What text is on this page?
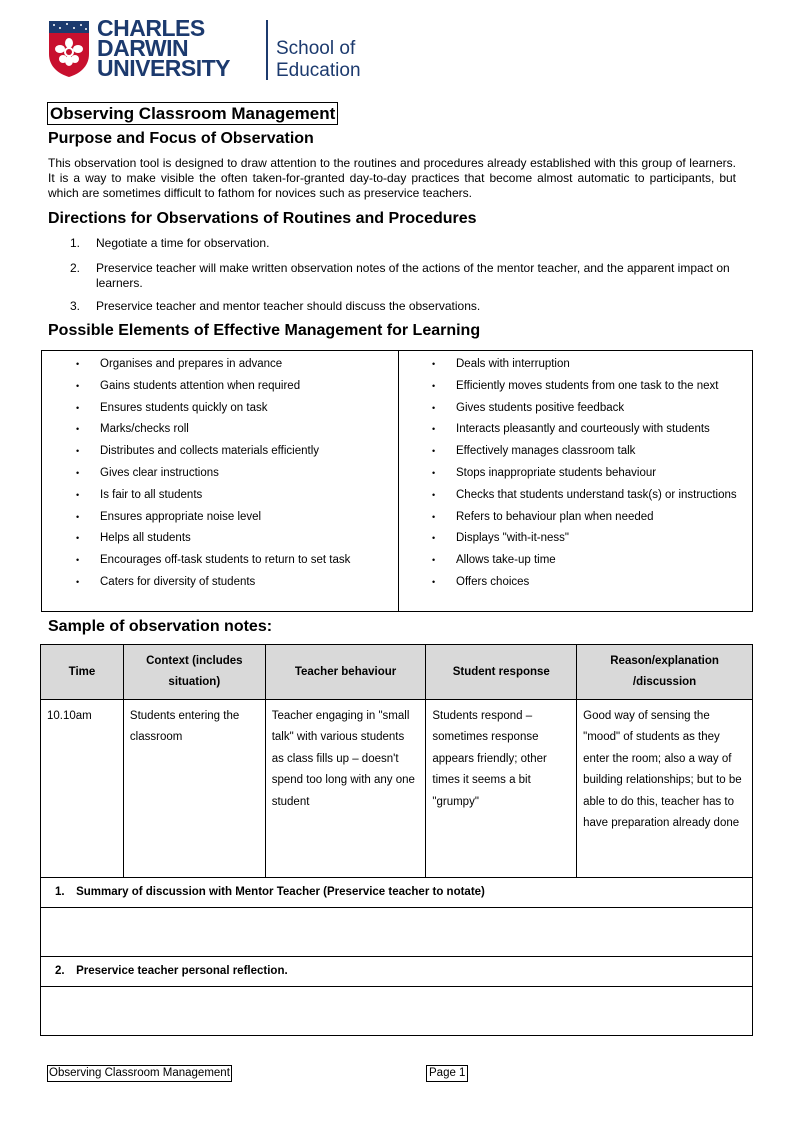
CHARLES
DARWIN
UNIVERSITY
School of
Education
Observing Classroom Management
Purpose and Focus of Observation
This observation tool is designed to draw attention to the routines and procedures already established with this group of learners. It is a way to make visible the often taken-for-granted day-to-day practices that become almost automatic to participants, but which are sometimes difficult to fathom for novices such as preservice teachers.
Directions for Observations of Routines and Procedures
1. Negotiate a time for observation.
2. Preservice teacher will make written observation notes of the actions of the mentor teacher, and the apparent impact on learners.
3. Preservice teacher and mentor teacher should discuss the observations.
Possible Elements of Effective Management for Learning
• Organises and prepares in advance
• Gains students attention when required
• Ensures students quickly on task
• Marks/checks roll
• Distributes and collects materials efficiently
• Gives clear instructions
• Is fair to all students
• Ensures appropriate noise level
• Helps all students
• Encourages off-task students to return to set task
• Caters for diversity of students
• Deals with interruption
• Efficiently moves students from one task to the next
• Gives students positive feedback
• Interacts pleasantly and courteously with students
• Effectively manages classroom talk
• Stops inappropriate students behaviour
• Checks that students understand task(s) or instructions
• Refers to behaviour plan when needed
• Displays "with-it-ness"
• Allows take-up time
• Offers choices
Sample of observation notes:
Time	Context (includes situation)	Teacher behaviour	Student response	Reason/explanation /discussion
10.10am	Students entering the classroom	Teacher engaging in "small talk" with various students as class fills up – doesn't spend too long with any one student	Students respond – sometimes response appears friendly; other times it seems a bit "grumpy"	Good way of sensing the "mood" of students as they enter the room; also a way of building relationships; but to be able to do this, teacher has to have preparation already done
1. Summary of discussion with Mentor Teacher (Preservice teacher to notate)				

2. Preservice teacher personal reflection.				

Observing Classroom Management	Page 1
